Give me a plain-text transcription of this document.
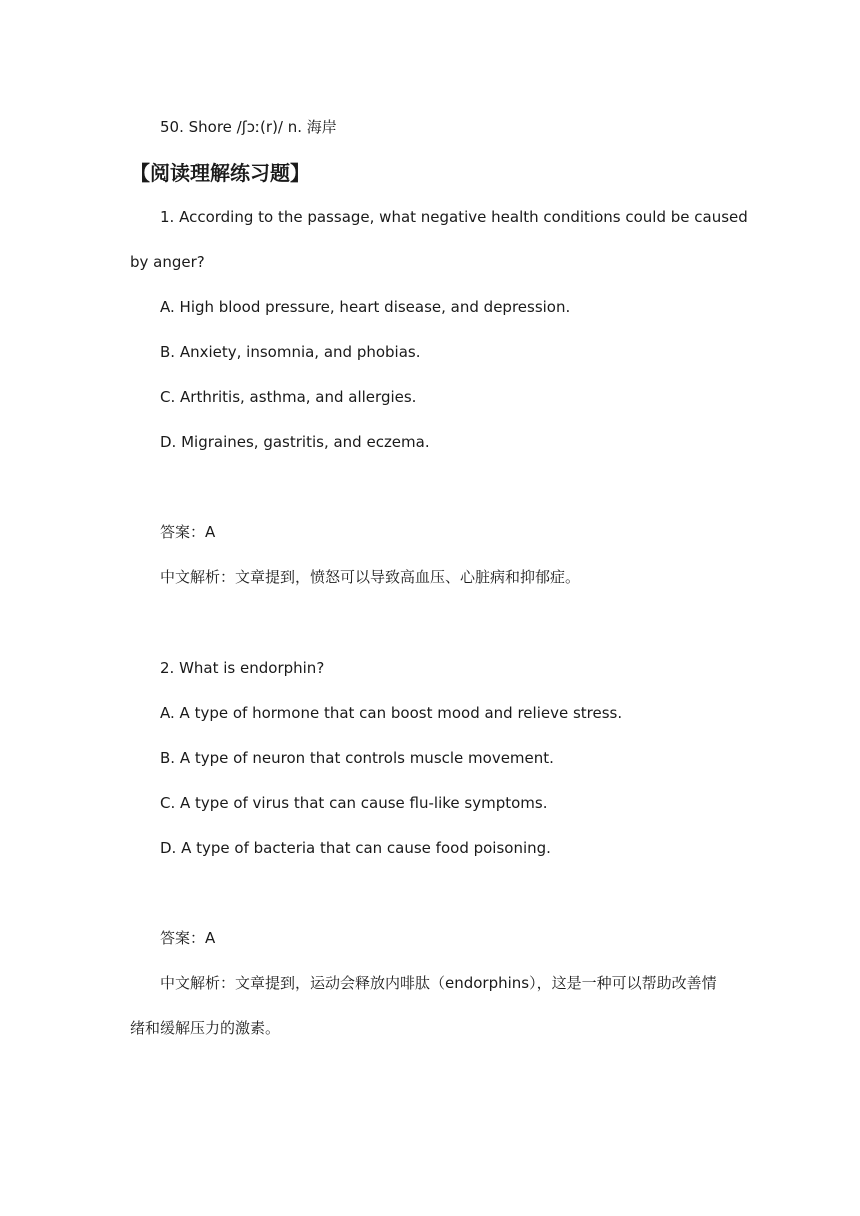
50. Shore /ʃɔː(r)/ n. 海岸
【阅读理解练习题】
1. According to the passage, what negative health conditions could be caused
by anger?
A. High blood pressure, heart disease, and depression.
B. Anxiety, insomnia, and phobias.
C. Arthritis, asthma, and allergies.
D. Migraines, gastritis, and eczema.
答案：A
中文解析：文章提到，愤怒可以导致高血压、心脏病和抑郁症。
2. What is endorphin?
A. A type of hormone that can boost mood and relieve stress.
B. A type of neuron that controls muscle movement.
C. A type of virus that can cause flu-like symptoms.
D. A type of bacteria that can cause food poisoning.
答案：A
中文解析：文章提到，运动会释放内啡肽（endorphins），这是一种可以帮助改善情
绪和缓解压力的激素。
